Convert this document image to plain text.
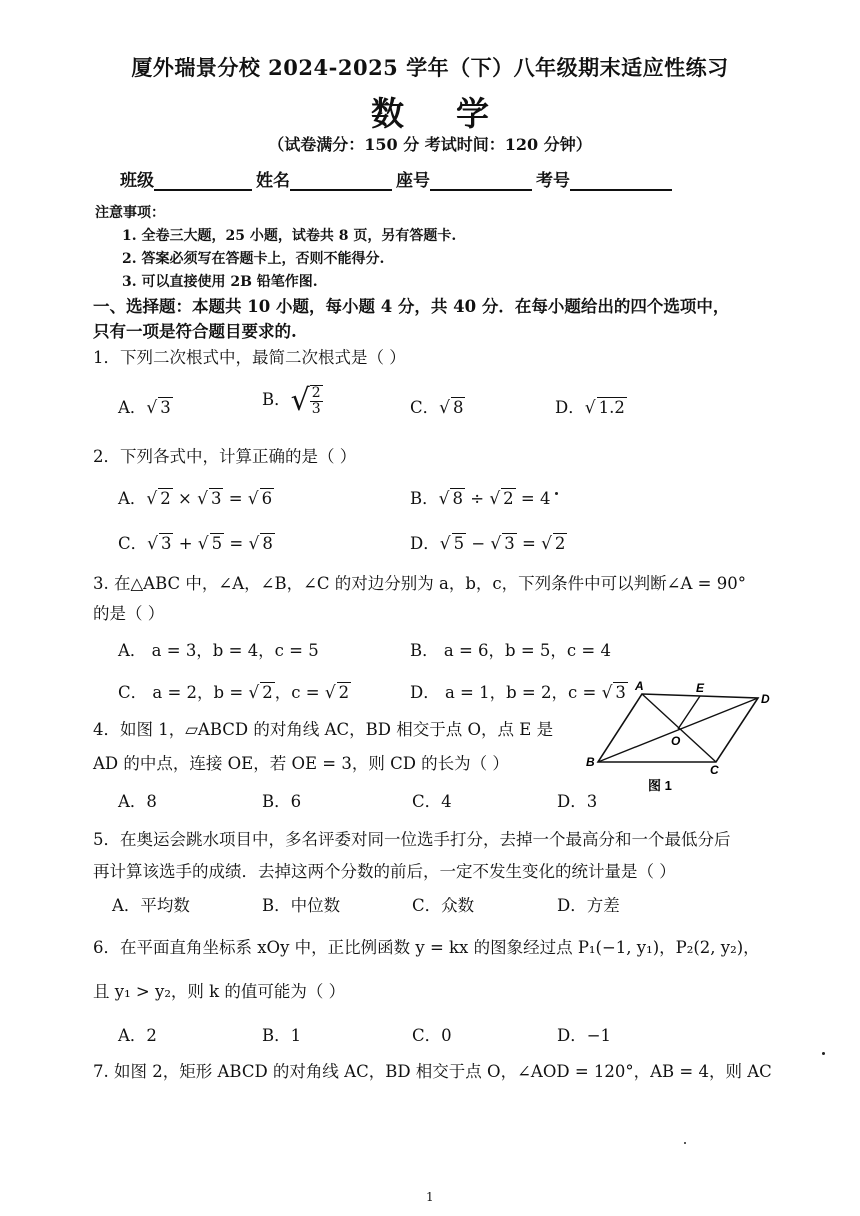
厦外瑞景分校 2024-2025 学年（下）八年级期末适应性练习
数学
（试卷满分：150 分 考试时间：120 分钟）
班级	姓名	座号	考号
注意事项：
1. 全卷三大题，25 小题，试卷共 8 页，另有答题卡.
2. 答案必须写在答题卡上，否则不能得分.
3. 可以直接使用 2B 铅笔作图.
一、选择题：本题共 10 小题，每小题 4 分，共 40 分．在每小题给出的四个选项中，
只有一项是符合题目要求的.
1．下列二次根式中，最简二次根式是（ ）
A．√ 3	B．√ $\frac{2}{3}$	C．√ 8	D．√ 1.2
2．下列各式中，计算正确的是（ ）
A．√ 2 × √ 3 = √ 6	B．√ 8 ÷ √ 2 = 4
C．√ 3 + √ 5 = √ 8	D．√ 5 − √ 3 = √ 2
3. 在△ABC 中，∠A，∠B，∠C 的对边分别为 a，b，c，下列条件中可以判断∠A = 90°
的是（ ）
A． a = 3，b = 4，c = 5	B． a = 6，b = 5，c = 4
C． a = 2，b = √ 2 ，c = √ 2	D． a = 1，b = 2，c = √ 3
4．如图 1，▱ABCD 的对角线 AC，BD 相交于点 O，点 E 是
AD 的中点，连接 OE，若 OE = 3，则 CD 的长为（ ）
A．8	B．6	C．4	D．3
A	E
D
O
B
C
图 1
5．在奥运会跳水项目中，多名评委对同一位选手打分，去掉一个最高分和一个最低分后
再计算该选手的成绩．去掉这两个分数的前后，一定不发生变化的统计量是（ ）
A．平均数	B．中位数	C．众数	D．方差
6．在平面直角坐标系 xOy 中，正比例函数 y = kx 的图象经过点 P₁(−1, y₁)，P₂(2, y₂)，
且 y₁ > y₂，则 k 的值可能为（ ）
A．2	B．1	C．0	D．−1
7. 如图 2，矩形 ABCD 的对角线 AC，BD 相交于点 O，∠AOD = 120°，AB = 4，则 AC
1
